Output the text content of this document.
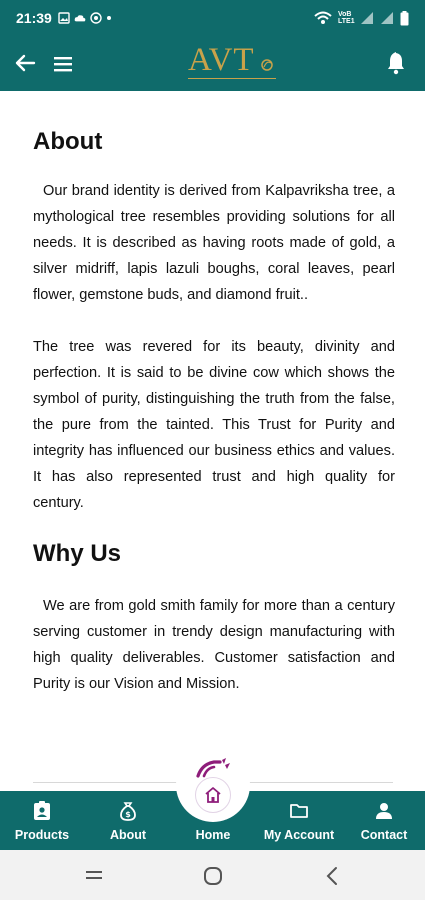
21:39	VoB LTE1
AVT
About

Our brand identity is derived from Kalpavriksha tree, a mythological tree resembles providing solutions for all needs. It is described as having roots made of gold, a silver midriff, lapis lazuli boughs, coral leaves, pearl flower, gemstone buds, and diamond fruit..

The tree was revered for its beauty, divinity and perfection. It is said to be divine cow which shows the symbol of purity, distinguishing the truth from the false, the pure from the tainted. This Trust for Purity and integrity has influenced our business ethics and values. It has also represented trust and high quality for century.

Why Us

We are from gold smith family for more than a century serving customer in trendy design manufacturing with high quality deliverables. Customer satisfaction and Purity is our Vision and Mission.

Products
$
About	Home	My Account Contact
